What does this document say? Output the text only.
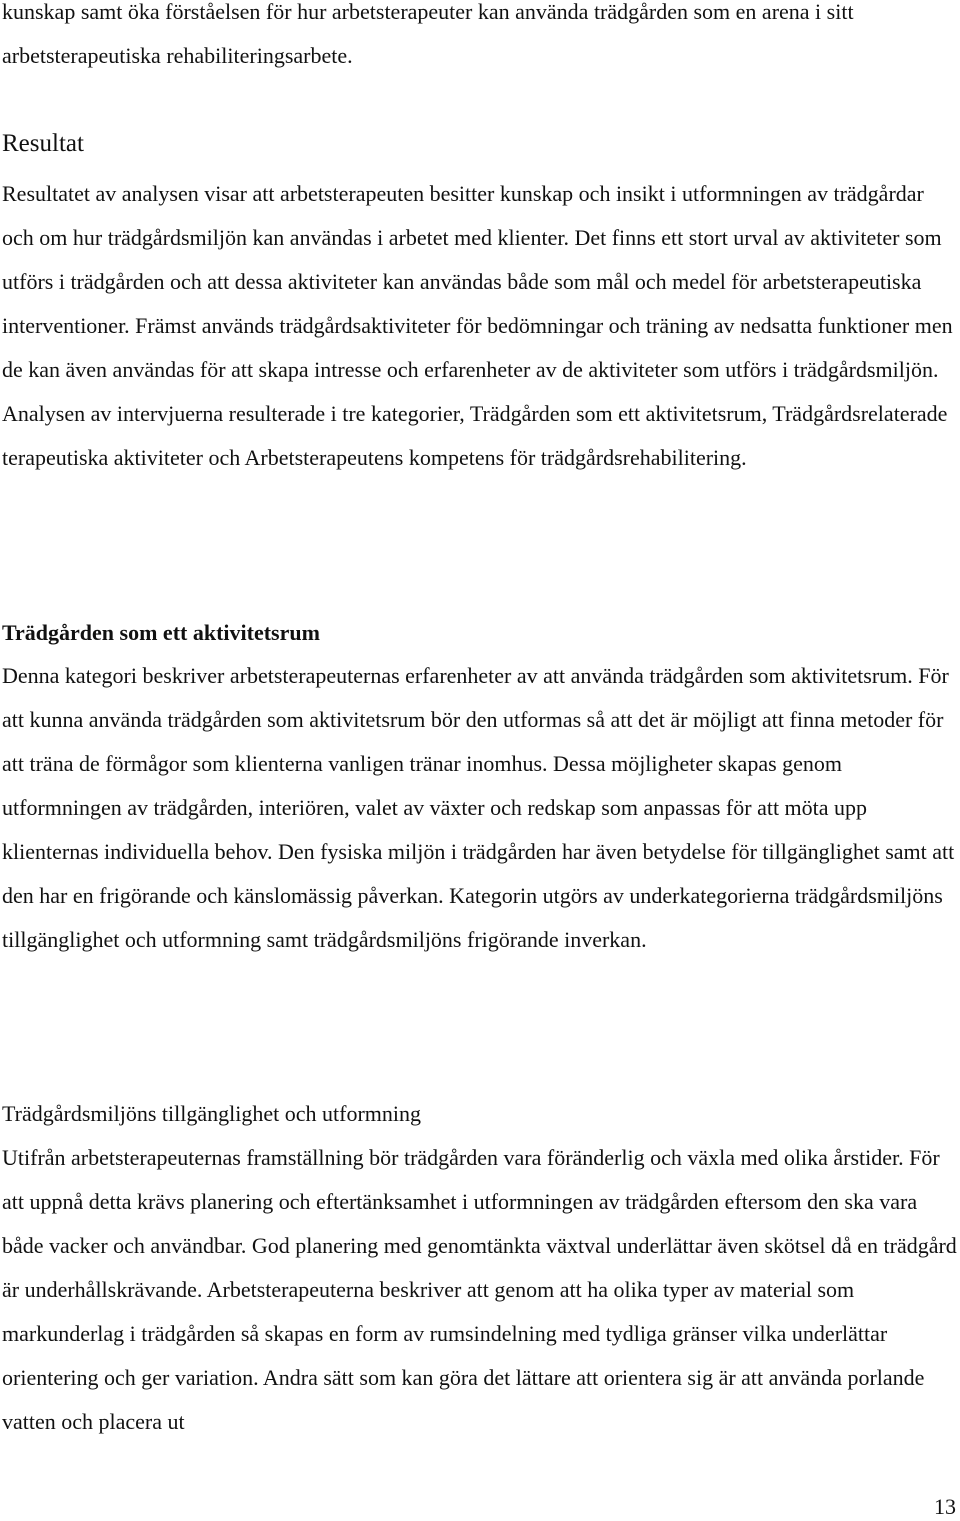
kunskap samt öka förståelsen för hur arbetsterapeuter kan använda trädgården som en arena i sitt arbetsterapeutiska rehabiliteringsarbete.

Resultat

Resultatet av analysen visar att arbetsterapeuten besitter kunskap och insikt i utformningen av trädgårdar och om hur trädgårdsmiljön kan användas i arbetet med klienter. Det finns ett stort urval av aktiviteter som utförs i trädgården och att dessa aktiviteter kan användas både som mål och medel för arbetsterapeutiska interventioner. Främst används trädgårdsaktiviteter för bedömningar och träning av nedsatta funktioner men de kan även användas för att skapa intresse och erfarenheter av de aktiviteter som utförs i trädgårdsmiljön. Analysen av intervjuerna resulterade i tre kategorier, Trädgården som ett aktivitetsrum, Trädgårdsrelaterade terapeutiska aktiviteter och Arbetsterapeutens kompetens för trädgårdsrehabilitering.

Trädgården som ett aktivitetsrum

Denna kategori beskriver arbetsterapeuternas erfarenheter av att använda trädgården som aktivitetsrum. För att kunna använda trädgården som aktivitetsrum bör den utformas så att det är möjligt att finna metoder för att träna de förmågor som klienterna vanligen tränar inomhus. Dessa möjligheter skapas genom utformningen av trädgården, interiören, valet av växter och redskap som anpassas för att möta upp klienternas individuella behov. Den fysiska miljön i trädgården har även betydelse för tillgänglighet samt att den har en frigörande och känslomässig påverkan. Kategorin utgörs av underkategorierna trädgårdsmiljöns tillgänglighet och utformning samt trädgårdsmiljöns frigörande inverkan.

Trädgårdsmiljöns tillgänglighet och utformning

Utifrån arbetsterapeuternas framställning bör trädgården vara föränderlig och växla med olika årstider. För att uppnå detta krävs planering och eftertänksamhet i utformningen av trädgården eftersom den ska vara både vacker och användbar. God planering med genomtänkta växtval underlättar även skötsel då en trädgård är underhållskrävande. Arbetsterapeuterna beskriver att genom att ha olika typer av material som markunderlag i trädgården så skapas en form av rumsindelning med tydliga gränser vilka underlättar orientering och ger variation. Andra sätt som kan göra det lättare att orientera sig är att använda porlande vatten och placera ut

13
